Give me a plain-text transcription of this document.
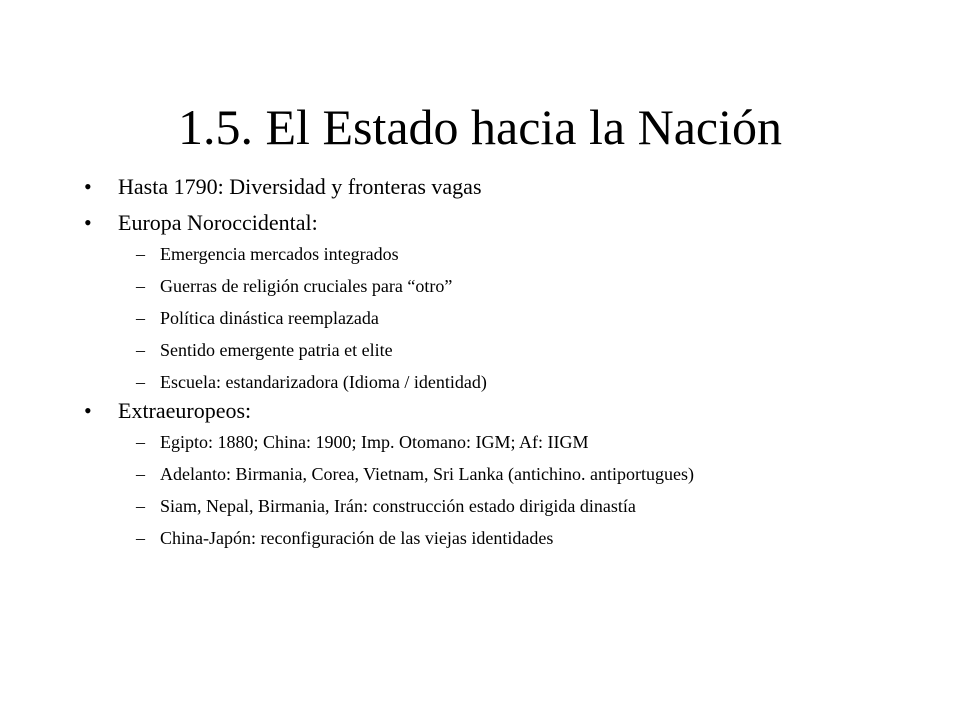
1.5. El Estado hacia la Nación
•	Hasta 1790: Diversidad y fronteras vagas
•	Europa Noroccidental:
– Emergencia mercados integrados
– Guerras de religión cruciales para “otro”
– Política dinástica reemplazada
– Sentido emergente patria et elite
– Escuela: estandarizadora (Idioma / identidad)
•	Extraeuropeos:
– Egipto: 1880; China: 1900; Imp. Otomano: IGM; Af: IIGM
– Adelanto: Birmania, Corea, Vietnam, Sri Lanka (antichino. antiportugues)
– Siam, Nepal, Birmania, Irán: construcción estado dirigida dinastía
– China-Japón: reconfiguración de las viejas identidades
